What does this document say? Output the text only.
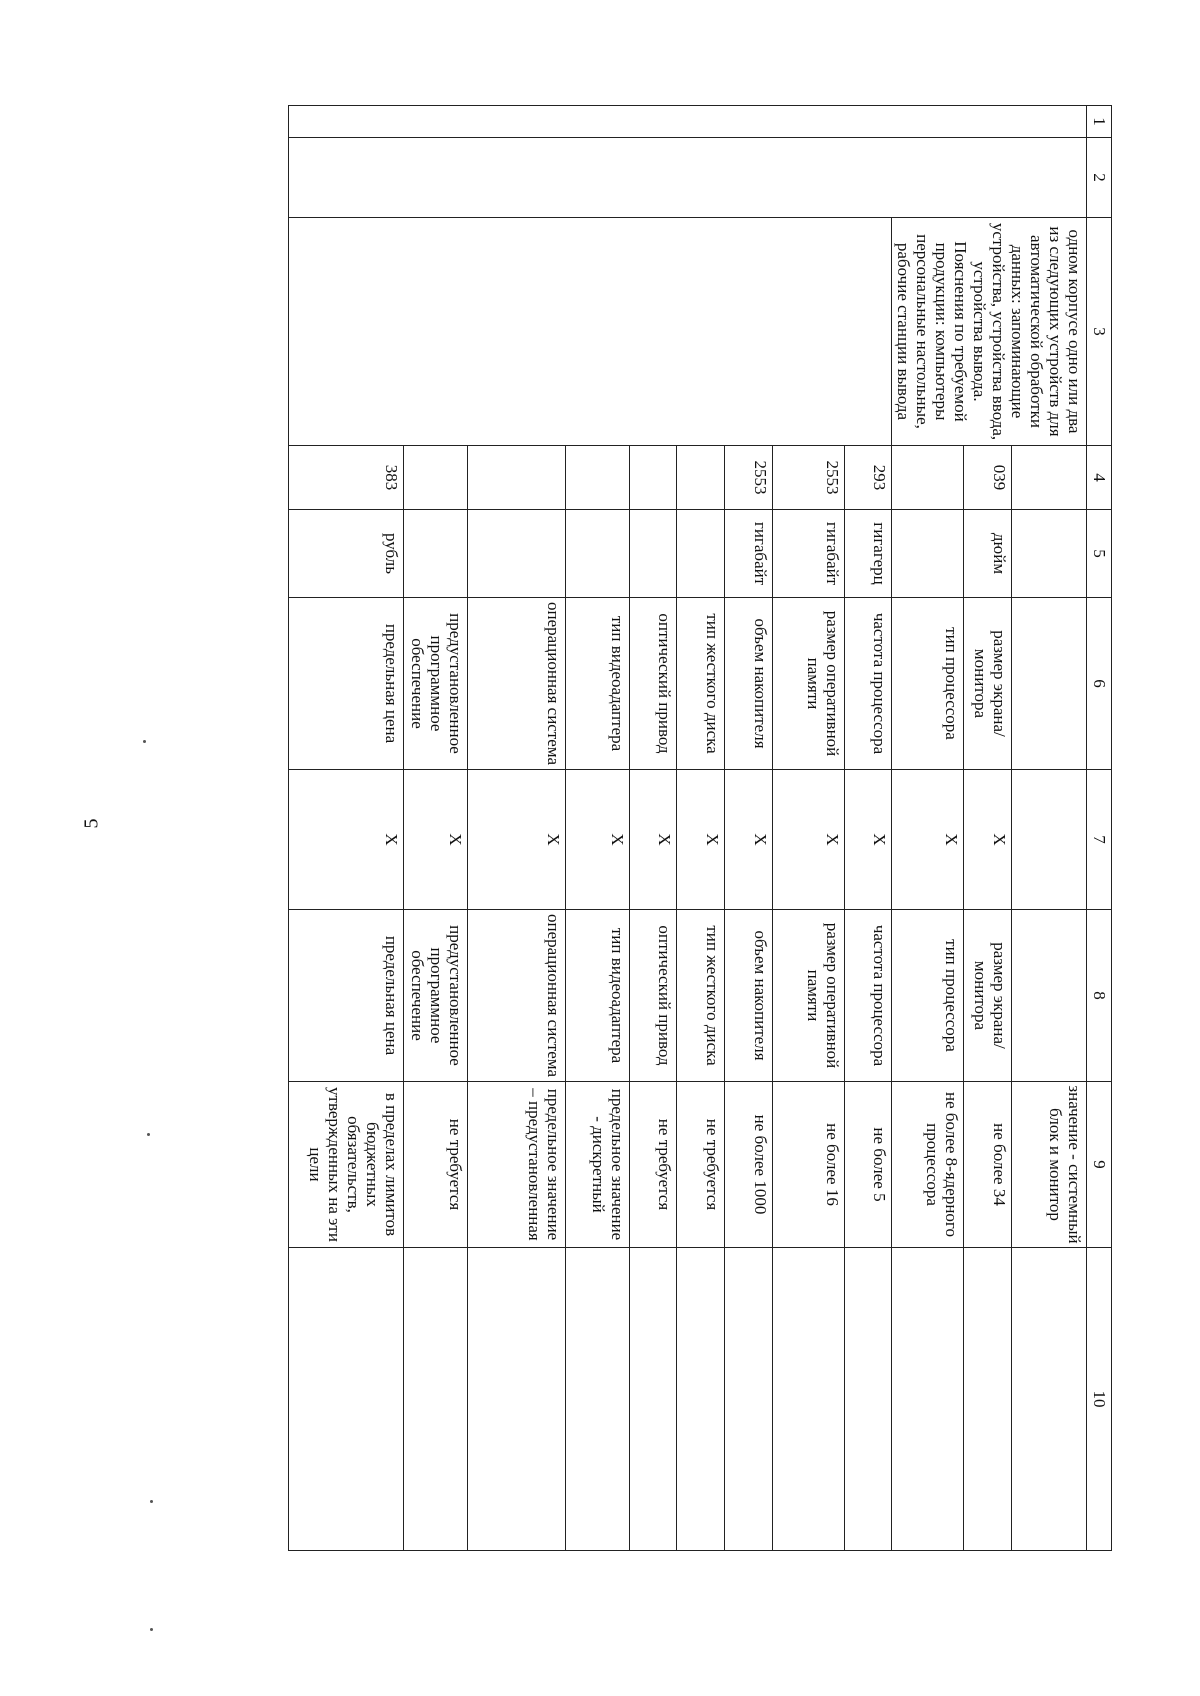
5
1	2	3	4	5	6	7	8	9	10
		одном корпусе одно или два из следующих устройств для автоматической обработки данных: запоминающие устройства, устройства ввода, устройства вывода. Пояснения по требуемой продукции: компьютеры персональные настольные, рабочие станции вывода						значение - системный блок и монитор	
			039	дюйм	размер экрана/монитора	Х	размер экрана/ монитора	не более 34	
					тип процессора	Х	тип процессора	не более 8-ядерного процессора	
			293	гигагерц	частота процессора	Х	частота процессора	не более 5	
			2553	гигабайт	размер оперативной памяти	Х	размер оперативной памяти	не более 16	
			2553	гигабайт	объем накопителя	Х	объем накопителя	не более 1000	
					тип жесткого диска	Х	тип жесткого диска	не требуется	
					оптический привод	Х	оптический привод	не требуется	
					тип видеоадаптера	Х	тип видеоадаптера	предельное значение - дискретный	
					операционная система	Х	операционная система	предельное значение – предустановленная	
					предустановленное программное обеспечение	Х	предустановленное программное обеспечение	не требуется	
			383	рубль	предельная цена	Х	предельная цена	в пределах лимитов бюджетных обязательств, утвержденных на эти цели	
